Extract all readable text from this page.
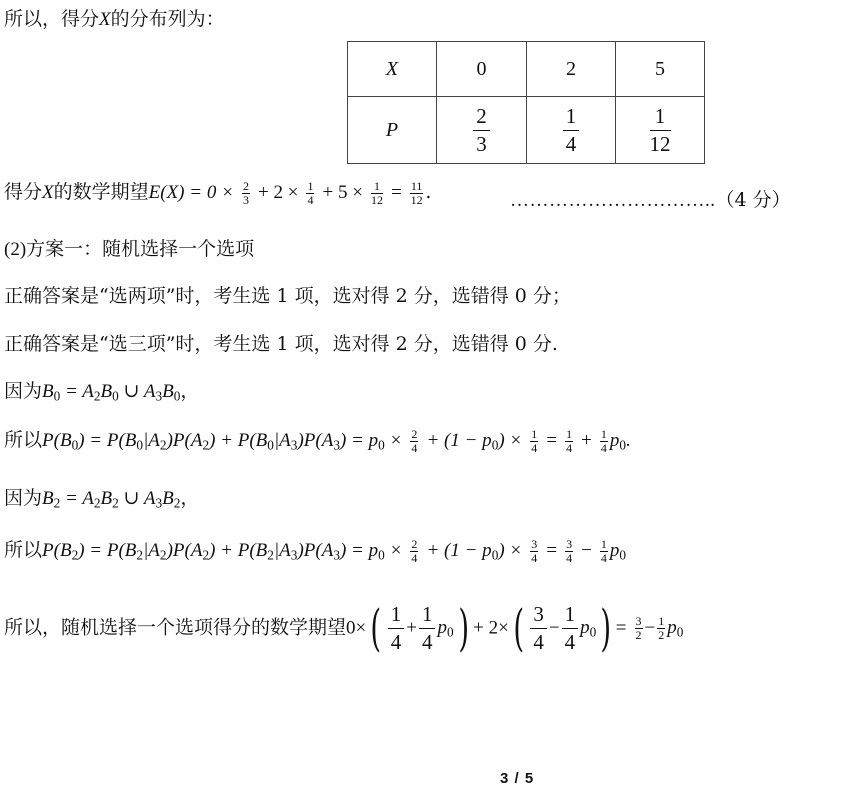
所以，得分X的分布列为：
X	0	2	5
P	$\frac{2}{3}$	$\frac{1}{4}$	$\frac{1}{12}$
得分X的数学期望$E(X) = 0 \times \frac{2}{3} + 2 \times \frac{1}{4} + 5 \times \frac{1}{12} = \frac{11}{12}$ .	…………………………..（4 分）
(2)方案一：随机选择一个选项
正确答案是“选两项”时，考生选 1 项，选对得 2 分，选错得 0 分；
正确答案是“选三项”时，考生选 1 项，选对得 2 分，选错得 0 分.
因为$B_0 = A_2B_0$ ∪ $A_3B_0$，
所以$P(B_0) = P(B_0|A_2)P(A_2) + P(B_0|A_3)P(A_3) = p_0 \times \frac{2}{4} + (1 - p_0) \times \frac{1}{4} = \frac{1}{4} + \frac{1}{4} p_0$.
因为$B_2 = A_2B_2$ ∪ $A_3B_2$，
所以$P(B_2) = P(B_2|A_2)P(A_2) + P(B_2|A_3)P(A_3) = p_0 \times \frac{2}{4} + (1 - p_0) \times \frac{3}{4} = \frac{3}{4} - \frac{1}{4} p_0$
所以，随机选择一个选项得分的数学期望$0\times( \frac{1}{4} + \frac{1}{4} p_0) + 2\times( \frac{3}{4} - \frac{1}{4} p_0) = \frac{3}{2} - \frac{1}{2} p_0$
3 / 5
